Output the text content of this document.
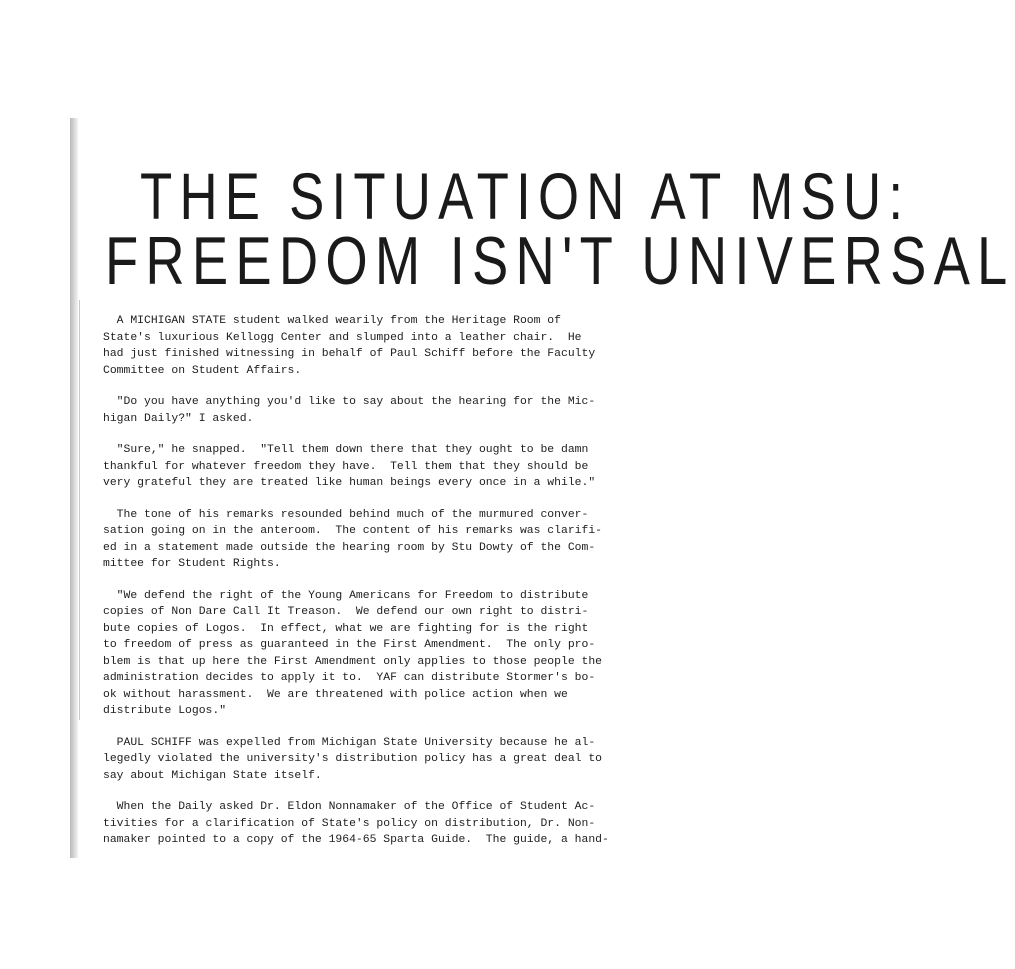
THE SITUATION AT MSU:
FREEDOM ISN'T UNIVERSAL

A MICHIGAN STATE student walked wearily from the Heritage Room of
State's luxurious Kellogg Center and slumped into a leather chair.  He
had just finished witnessing in behalf of Paul Schiff before the Faculty
Committee on Student Affairs.

"Do you have anything you'd like to say about the hearing for the Mic-
higan Daily?" I asked.

"Sure," he snapped.  "Tell them down there that they ought to be damn
thankful for whatever freedom they have.  Tell them that they should be
very grateful they are treated like human beings every once in a while."

The tone of his remarks resounded behind much of the murmured conver-
sation going on in the anteroom.  The content of his remarks was clarifi-
ed in a statement made outside the hearing room by Stu Dowty of the Com-
mittee for Student Rights.

"We defend the right of the Young Americans for Freedom to distribute
copies of Non Dare Call It Treason.  We defend our own right to distri-
bute copies of Logos.  In effect, what we are fighting for is the right
to freedom of press as guaranteed in the First Amendment.  The only pro-
blem is that up here the First Amendment only applies to those people the
administration decides to apply it to.  YAF can distribute Stormer's bo-
ok without harassment.  We are threatened with police action when we
distribute Logos."

PAUL SCHIFF was expelled from Michigan State University because he al-
legedly violated the university's distribution policy has a great deal to
say about Michigan State itself.

When the Daily asked Dr. Eldon Nonnamaker of the Office of Student Ac-
tivities for a clarification of State's policy on distribution, Dr. Non-
namaker pointed to a copy of the 1964-65 Sparta Guide.  The guide, a hand-
